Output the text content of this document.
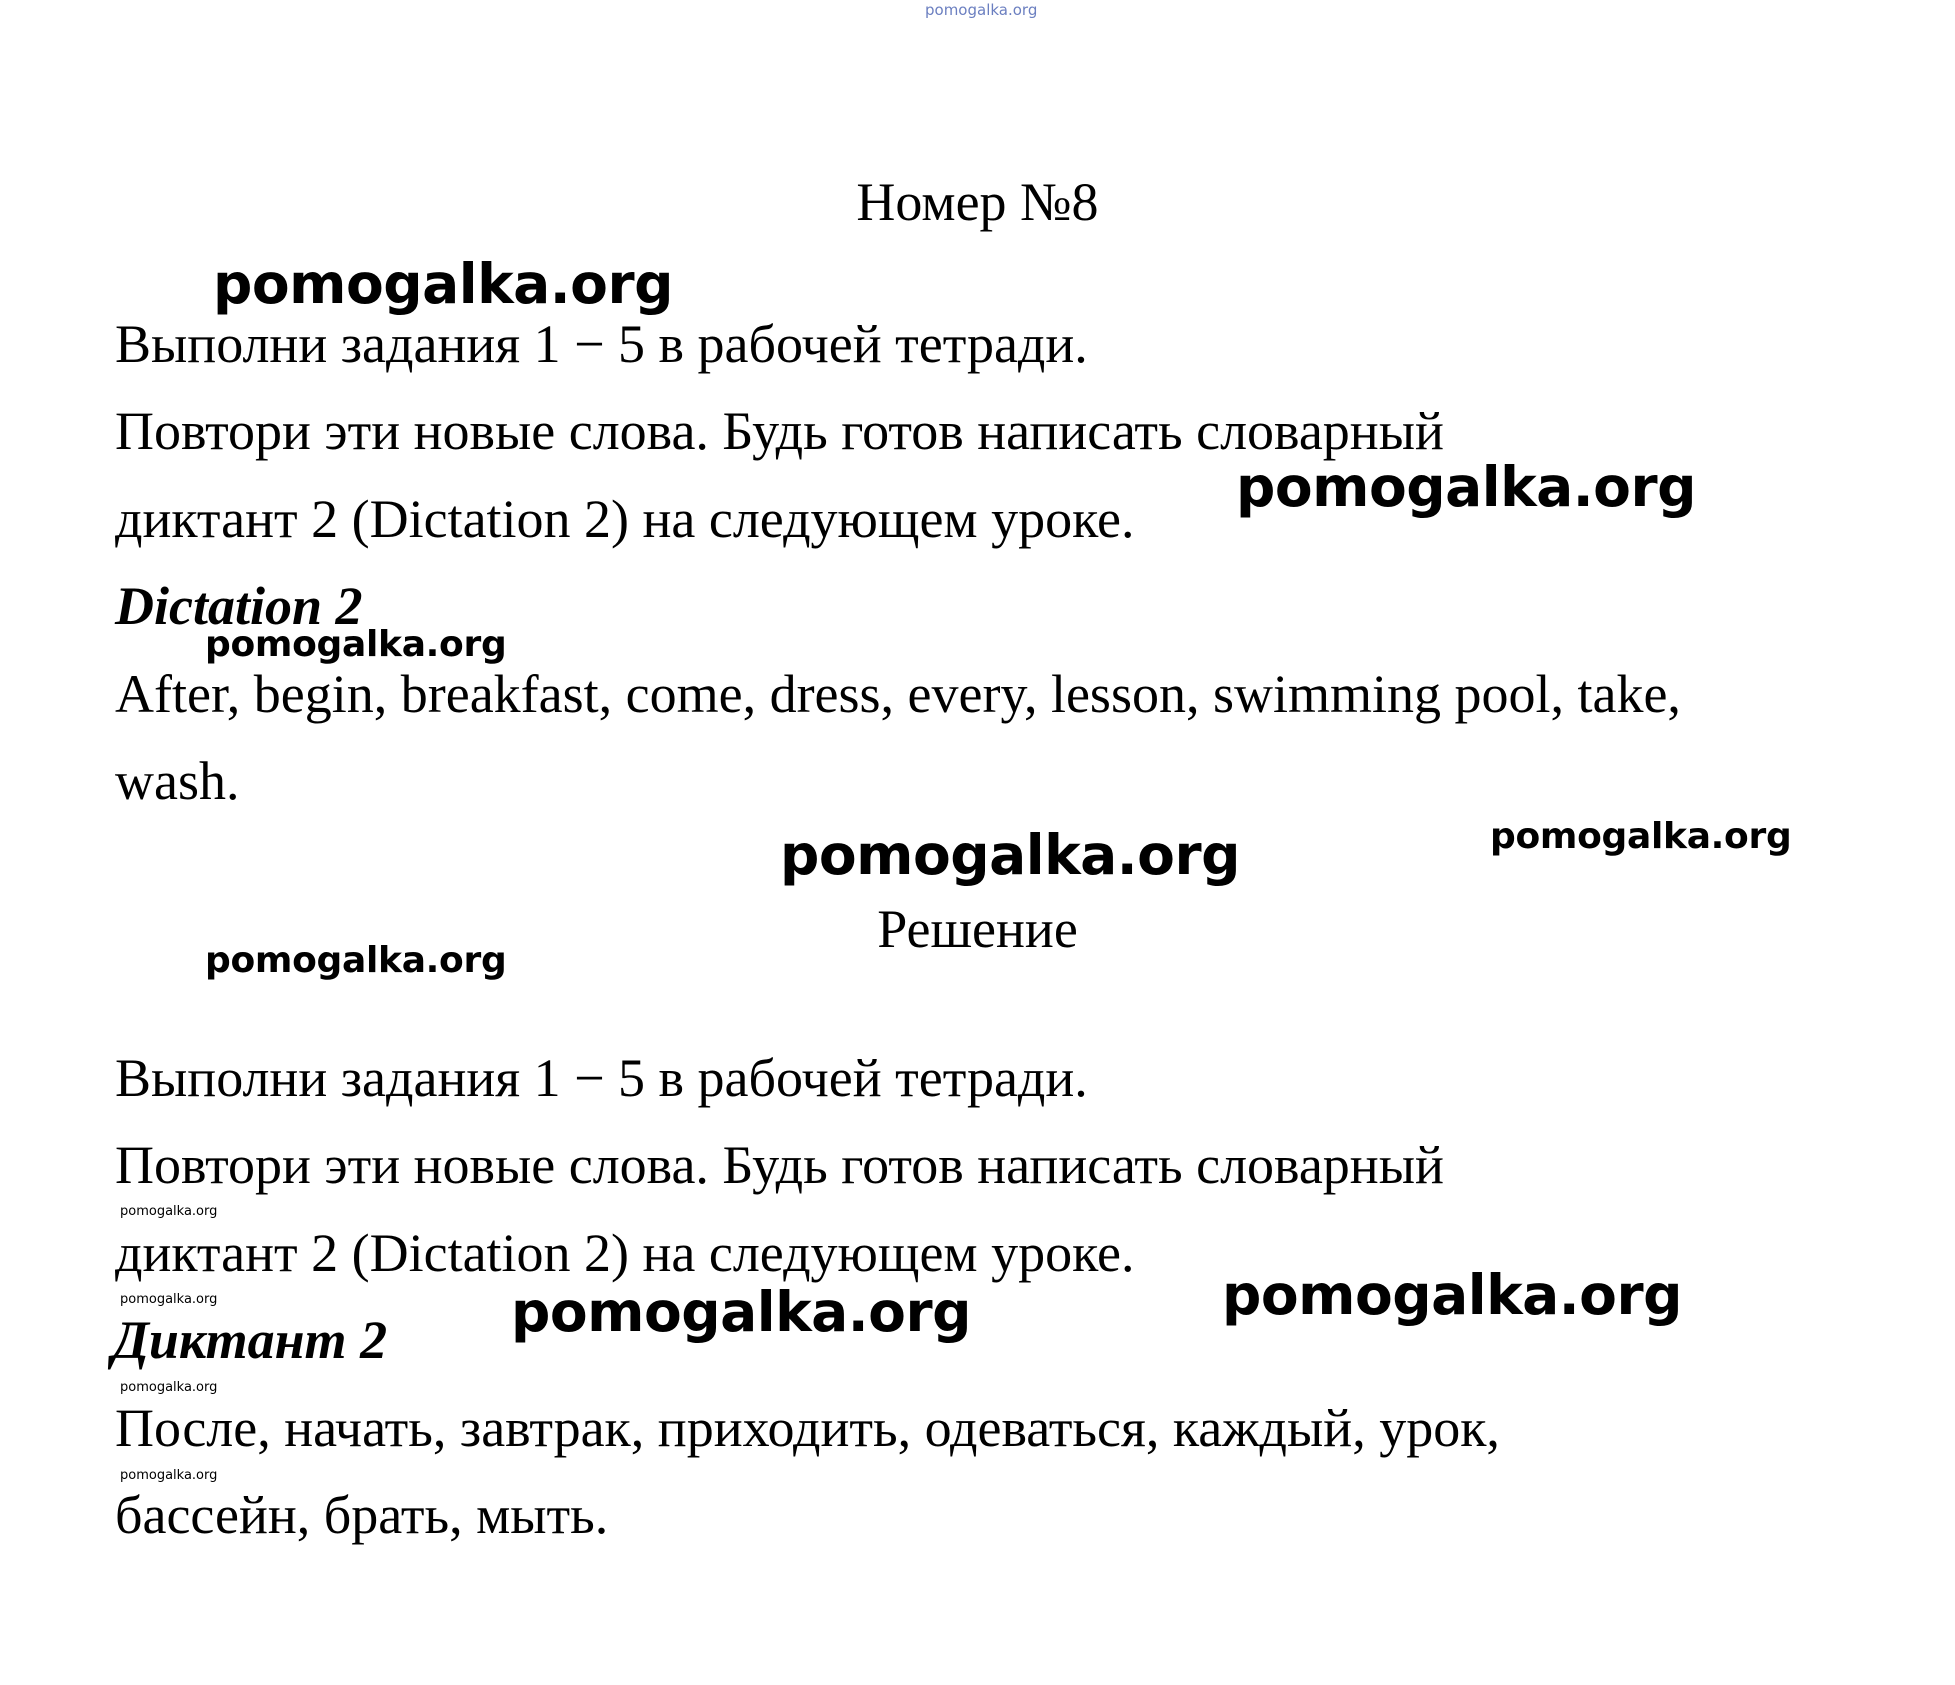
pomogalka.org
Номер №8
Выполни задания 1 − 5 в рабочей тетради.
Повтори эти новые слова. Будь готов написать словарный
диктант 2 (Dictation 2) на следующем уроке.
Dictation 2
After, begin, breakfast, come, dress, every, lesson, swimming pool, take,
wash.
Решение
Выполни задания 1 − 5 в рабочей тетради.
Повтори эти новые слова. Будь готов написать словарный
диктант 2 (Dictation 2) на следующем уроке.
Диктант 2
После, начать, завтрак, приходить, одеваться, каждый, урок,
бассейн, брать, мыть.
pomogalka.org
pomogalka.org
pomogalka.org
pomogalka.org	pomogalka.org
pomogalka.org
pomogalka.org	pomogalka.org
pomogalka.org
pomogalka.org
pomogalka.org
pomogalka.org
